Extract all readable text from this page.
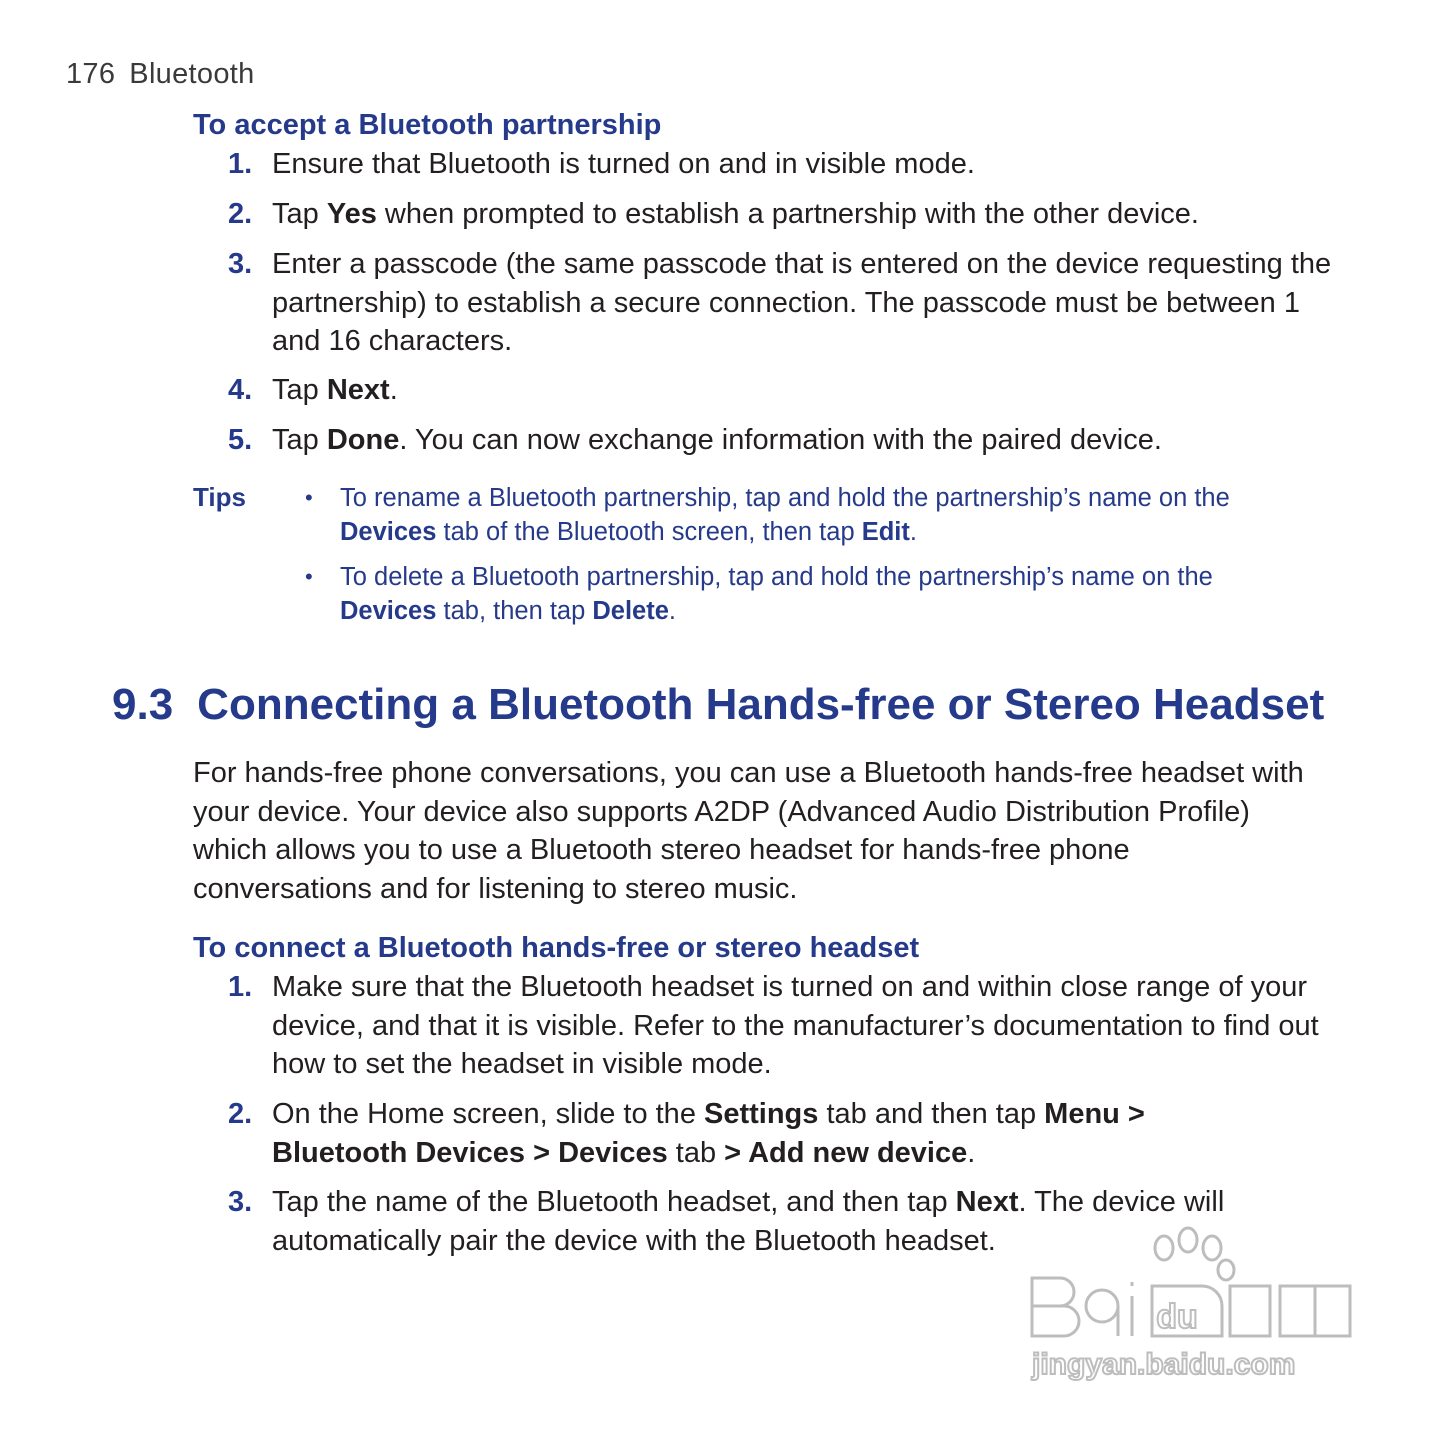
176 Bluetooth
To accept a Bluetooth partnership
1. Ensure that Bluetooth is turned on and in visible mode.
2. Tap Yes when prompted to establish a partnership with the other device.
3. Enter a passcode (the same passcode that is entered on the device requesting the partnership) to establish a secure connection. The passcode must be between 1 and 16 characters.
4. Tap Next.
5. Tap Done. You can now exchange information with the paired device.
Tips	• To rename a Bluetooth partnership, tap and hold the partnership’s name on the Devices tab of the Bluetooth screen, then tap Edit.
• To delete a Bluetooth partnership, tap and hold the partnership’s name on the Devices tab, then tap Delete.
9.3 Connecting a Bluetooth Hands-free or Stereo Headset
For hands-free phone conversations, you can use a Bluetooth hands-free headset with your device. Your device also supports A2DP (Advanced Audio Distribution Profile) which allows you to use a Bluetooth stereo headset for hands-free phone conversations and for listening to stereo music.
To connect a Bluetooth hands-free or stereo headset
1. Make sure that the Bluetooth headset is turned on and within close range of your device, and that it is visible. Refer to the manufacturer’s documentation to find out how to set the headset in visible mode.
2. On the Home screen, slide to the Settings tab and then tap Menu >
Bluetooth Devices > Devices tab > Add new device.
3. Tap the name of the Bluetooth headset, and then tap Next. The device will automatically pair the device with the Bluetooth headset.
du
jingyan.baidu.com
